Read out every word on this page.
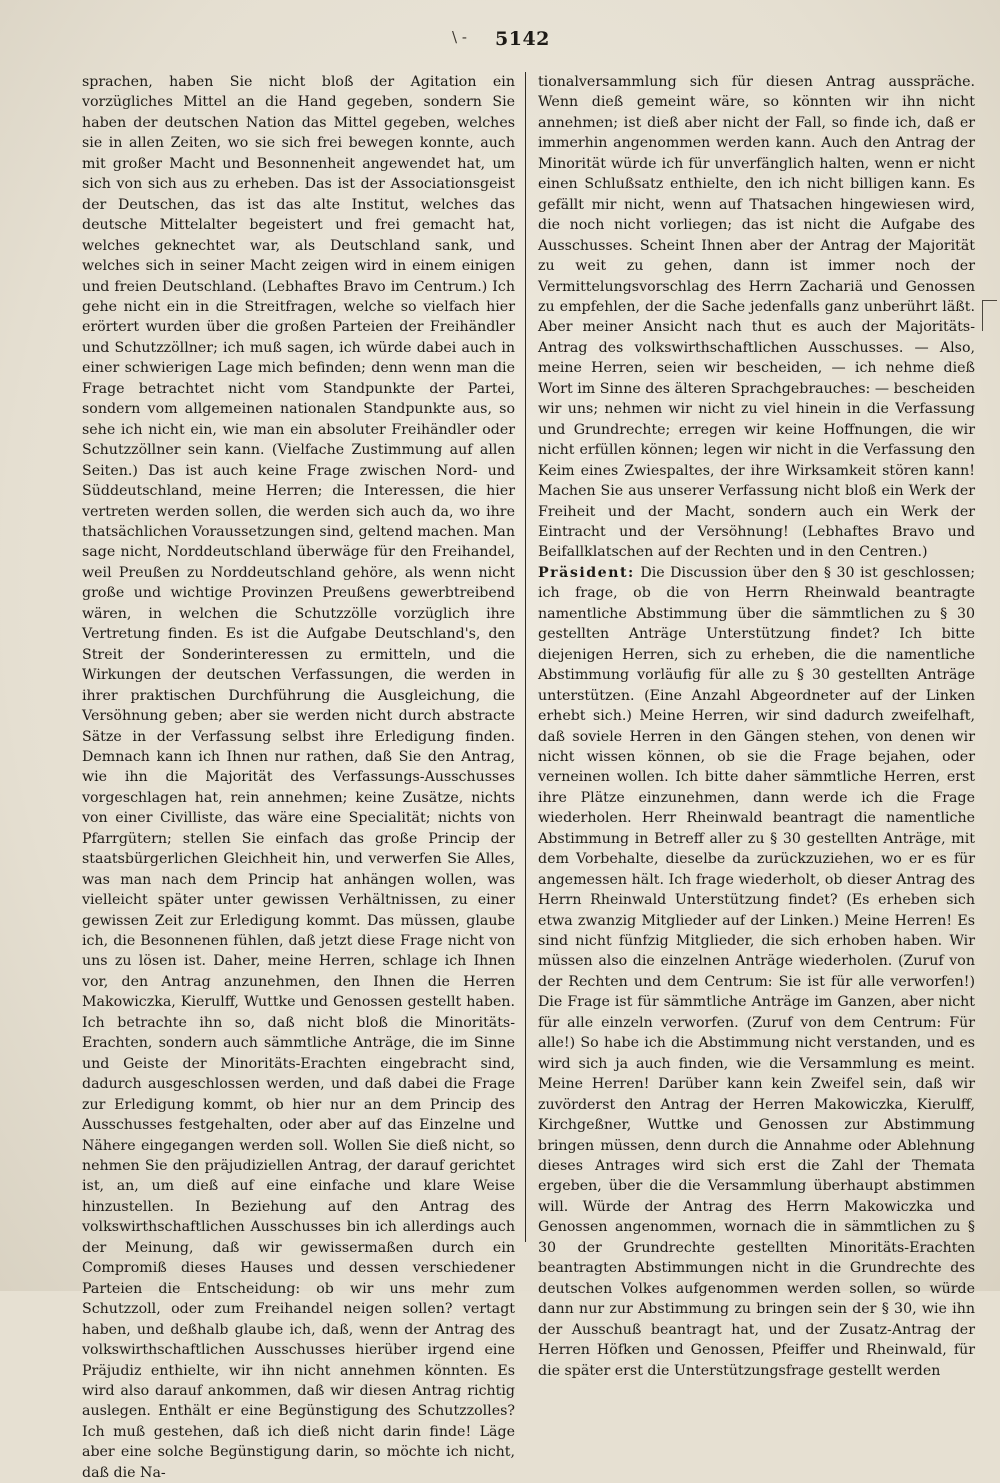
\ - 5142

sprachen, haben Sie nicht bloß der Agitation ein vorzügliches Mittel an die Hand gegeben, sondern Sie haben der deutschen Nation das Mittel gegeben, welches sie in allen Zeiten, wo sie sich frei bewegen konnte, auch mit großer Macht und Besonnenheit angewendet hat, um sich von sich aus zu erheben. Das ist der Associationsgeist der Deutschen, das ist das alte Institut, welches das deutsche Mittelalter begeistert und frei gemacht hat, welches geknechtet war, als Deutschland sank, und welches sich in seiner Macht zeigen wird in einem einigen und freien Deutschland. (Lebhaftes Bravo im Centrum.) Ich gehe nicht ein in die Streitfragen, welche so vielfach hier erörtert wurden über die großen Parteien der Freihändler und Schutzzöllner; ich muß sagen, ich würde dabei auch in einer schwierigen Lage mich befinden; denn wenn man die Frage betrachtet nicht vom Standpunkte der Partei, sondern vom allgemeinen nationalen Standpunkte aus, so sehe ich nicht ein, wie man ein absoluter Freihändler oder Schutzzöllner sein kann. (Vielfache Zustimmung auf allen Seiten.) Das ist auch keine Frage zwischen Nord- und Süddeutschland, meine Herren; die Interessen, die hier vertreten werden sollen, die werden sich auch da, wo ihre thatsächlichen Voraussetzungen sind, geltend machen. Man sage nicht, Norddeutschland überwäge für den Freihandel, weil Preußen zu Norddeutschland gehöre, als wenn nicht große und wichtige Provinzen Preußens gewerbtreibend wären, in welchen die Schutzzölle vorzüglich ihre Vertretung finden. Es ist die Aufgabe Deutschland's, den Streit der Sonderinteressen zu ermitteln, und die Wirkungen der deutschen Verfassungen, die werden in ihrer praktischen Durchführung die Ausgleichung, die Versöhnung geben; aber sie werden nicht durch abstracte Sätze in der Verfassung selbst ihre Erledigung finden. Demnach kann ich Ihnen nur rathen, daß Sie den Antrag, wie ihn die Majorität des Verfassungs-Ausschusses vorgeschlagen hat, rein annehmen; keine Zusätze, nichts von einer Civilliste, das wäre eine Specialität; nichts von Pfarrgütern; stellen Sie einfach das große Princip der staatsbürgerlichen Gleichheit hin, und verwerfen Sie Alles, was man nach dem Princip hat anhängen wollen, was vielleicht später unter gewissen Verhältnissen, zu einer gewissen Zeit zur Erledigung kommt. Das müssen, glaube ich, die Besonnenen fühlen, daß jetzt diese Frage nicht von uns zu lösen ist. Daher, meine Herren, schlage ich Ihnen vor, den Antrag anzunehmen, den Ihnen die Herren Makowiczka, Kierulff, Wuttke und Genossen gestellt haben. Ich betrachte ihn so, daß nicht bloß die Minoritäts-Erachten, sondern auch sämmtliche Anträge, die im Sinne und Geiste der Minoritäts-Erachten eingebracht sind, dadurch ausgeschlossen werden, und daß dabei die Frage zur Erledigung kommt, ob hier nur an dem Princip des Ausschusses festgehalten, oder aber auf das Einzelne und Nähere eingegangen werden soll. Wollen Sie dieß nicht, so nehmen Sie den präjudiziellen Antrag, der darauf gerichtet ist, an, um dieß auf eine einfache und klare Weise hinzustellen. In Beziehung auf den Antrag des volkswirthschaftlichen Ausschusses bin ich allerdings auch der Meinung, daß wir gewissermaßen durch ein Compromiß dieses Hauses und dessen verschiedener Parteien die Entscheidung: ob wir uns mehr zum Schutzzoll, oder zum Freihandel neigen sollen? vertagt haben, und deßhalb glaube ich, daß, wenn der Antrag des volkswirthschaftlichen Ausschusses hierüber irgend eine Präjudiz enthielte, wir ihn nicht annehmen könnten. Es wird also darauf ankommen, daß wir diesen Antrag richtig auslegen. Enthält er eine Begünstigung des Schutzzolles? Ich muß gestehen, daß ich dieß nicht darin finde! Läge aber eine solche Begünstigung darin, so möchte ich nicht, daß die Na-

tionalversammlung sich für diesen Antrag ausspräche. Wenn dieß gemeint wäre, so könnten wir ihn nicht annehmen; ist dieß aber nicht der Fall, so finde ich, daß er immerhin angenommen werden kann. Auch den Antrag der Minorität würde ich für unverfänglich halten, wenn er nicht einen Schlußsatz enthielte, den ich nicht billigen kann. Es gefällt mir nicht, wenn auf Thatsachen hingewiesen wird, die noch nicht vorliegen; das ist nicht die Aufgabe des Ausschusses. Scheint Ihnen aber der Antrag der Majorität zu weit zu gehen, dann ist immer noch der Vermittelungsvorschlag des Herrn Zachariä und Genossen zu empfehlen, der die Sache jedenfalls ganz unberührt läßt. Aber meiner Ansicht nach thut es auch der Majoritäts-Antrag des volkswirthschaftlichen Ausschusses. — Also, meine Herren, seien wir bescheiden, — ich nehme dieß Wort im Sinne des älteren Sprachgebrauches: — bescheiden wir uns; nehmen wir nicht zu viel hinein in die Verfassung und Grundrechte; erregen wir keine Hoffnungen, die wir nicht erfüllen können; legen wir nicht in die Verfassung den Keim eines Zwiespaltes, der ihre Wirksamkeit stören kann! Machen Sie aus unserer Verfassung nicht bloß ein Werk der Freiheit und der Macht, sondern auch ein Werk der Eintracht und der Versöhnung! (Lebhaftes Bravo und Beifallklatschen auf der Rechten und in den Centren.)

Präsident: Die Discussion über den § 30 ist geschlossen; ich frage, ob die von Herrn Rheinwald beantragte namentliche Abstimmung über die sämmtlichen zu § 30 gestellten Anträge Unterstützung findet? Ich bitte diejenigen Herren, sich zu erheben, die die namentliche Abstimmung vorläufig für alle zu § 30 gestellten Anträge unterstützen. (Eine Anzahl Abgeordneter auf der Linken erhebt sich.) Meine Herren, wir sind dadurch zweifelhaft, daß soviele Herren in den Gängen stehen, von denen wir nicht wissen können, ob sie die Frage bejahen, oder verneinen wollen. Ich bitte daher sämmtliche Herren, erst ihre Plätze einzunehmen, dann werde ich die Frage wiederholen. Herr Rheinwald beantragt die namentliche Abstimmung in Betreff aller zu § 30 gestellten Anträge, mit dem Vorbehalte, dieselbe da zurückzuziehen, wo er es für angemessen hält. Ich frage wiederholt, ob dieser Antrag des Herrn Rheinwald Unterstützung findet? (Es erheben sich etwa zwanzig Mitglieder auf der Linken.) Meine Herren! Es sind nicht fünfzig Mitglieder, die sich erhoben haben. Wir müssen also die einzelnen Anträge wiederholen. (Zuruf von der Rechten und dem Centrum: Sie ist für alle verworfen!) Die Frage ist für sämmtliche Anträge im Ganzen, aber nicht für alle einzeln verworfen. (Zuruf von dem Centrum: Für alle!) So habe ich die Abstimmung nicht verstanden, und es wird sich ja auch finden, wie die Versammlung es meint. Meine Herren! Darüber kann kein Zweifel sein, daß wir zuvörderst den Antrag der Herren Makowiczka, Kierulff, Kirchgeßner, Wuttke und Genossen zur Abstimmung bringen müssen, denn durch die Annahme oder Ablehnung dieses Antrages wird sich erst die Zahl der Themata ergeben, über die die Versammlung überhaupt abstimmen will. Würde der Antrag des Herrn Makowiczka und Genossen angenommen, wornach die in sämmtlichen zu § 30 der Grundrechte gestellten Minoritäts-Erachten beantragten Abstimmungen nicht in die Grundrechte des deutschen Volkes aufgenommen werden sollen, so würde dann nur zur Abstimmung zu bringen sein der § 30, wie ihn der Ausschuß beantragt hat, und der Zusatz-Antrag der Herren Höfken und Genossen, Pfeiffer und Rheinwald, für die später erst die Unterstützungsfrage gestellt werden
